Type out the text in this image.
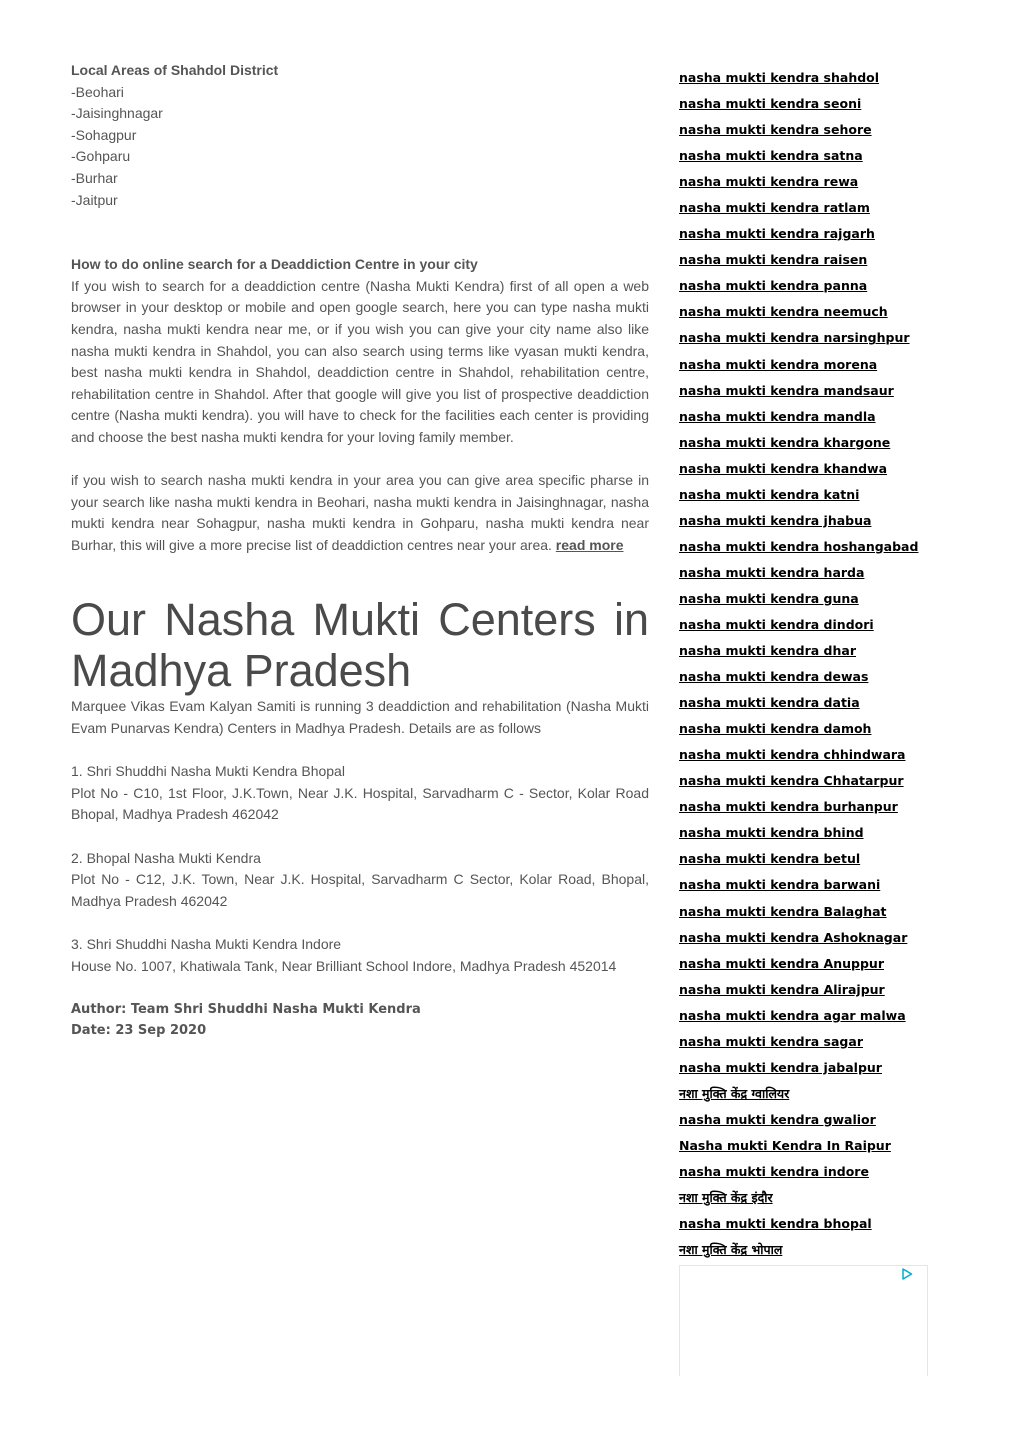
Local Areas of Shahdol District

-Beohari
-Jaisinghnagar
-Sohagpur
-Gohparu
-Burhar
-Jaitpur

How to do online search for a Deaddiction Centre in your city

If you wish to search for a deaddiction centre (Nasha Mukti Kendra) first of all open a web browser in your desktop or mobile and open google search, here you can type nasha mukti kendra, nasha mukti kendra near me, or if you wish you can give your city name also like nasha mukti kendra in Shahdol, you can also search using terms like vyasan mukti kendra, best nasha mukti kendra in Shahdol, deaddiction centre in Shahdol, rehabilitation centre, rehabilitation centre in Shahdol. After that google will give you list of prospective deaddiction centre (Nasha mukti kendra). you will have to check for the facilities each center is providing and choose the best nasha mukti kendra for your loving family member.

if you wish to search nasha mukti kendra in your area you can give area specific pharse in your search like nasha mukti kendra in Beohari, nasha mukti kendra in Jaisinghnagar, nasha mukti kendra near Sohagpur, nasha mukti kendra in Gohparu, nasha mukti kendra near Burhar, this will give a more precise list of deaddiction centres near your area. read more

Our Nasha Mukti Centers in Madhya Pradesh

Marquee Vikas Evam Kalyan Samiti is running 3 deaddiction and rehabilitation (Nasha Mukti Evam Punarvas Kendra) Centers in Madhya Pradesh. Details are as follows

1. Shri Shuddhi Nasha Mukti Kendra Bhopal

Plot No - C10, 1st Floor, J.K.Town, Near J.K. Hospital, Sarvadharm C - Sector, Kolar Road Bhopal, Madhya Pradesh 462042

2. Bhopal Nasha Mukti Kendra

Plot No - C12, J.K. Town, Near J.K. Hospital, Sarvadharm C Sector, Kolar Road, Bhopal, Madhya Pradesh 462042

3. Shri Shuddhi Nasha Mukti Kendra Indore

House No. 1007, Khatiwala Tank, Near Brilliant School Indore, Madhya Pradesh 452014

Author: Team Shri Shuddhi Nasha Mukti Kendra
Date: 23 Sep 2020
nasha mukti kendra shahdol
nasha mukti kendra seoni
nasha mukti kendra sehore
nasha mukti kendra satna
nasha mukti kendra rewa
nasha mukti kendra ratlam
nasha mukti kendra rajgarh
nasha mukti kendra raisen
nasha mukti kendra panna
nasha mukti kendra neemuch
nasha mukti kendra narsinghpur
nasha mukti kendra morena
nasha mukti kendra mandsaur
nasha mukti kendra mandla
nasha mukti kendra khargone
nasha mukti kendra khandwa
nasha mukti kendra katni
nasha mukti kendra jhabua
nasha mukti kendra hoshangabad
nasha mukti kendra harda
nasha mukti kendra guna
nasha mukti kendra dindori
nasha mukti kendra dhar
nasha mukti kendra dewas
nasha mukti kendra datia
nasha mukti kendra damoh
nasha mukti kendra chhindwara
nasha mukti kendra Chhatarpur
nasha mukti kendra burhanpur
nasha mukti kendra bhind
nasha mukti kendra betul
nasha mukti kendra barwani
nasha mukti kendra Balaghat
nasha mukti kendra Ashoknagar
nasha mukti kendra Anuppur
nasha mukti kendra Alirajpur
nasha mukti kendra agar malwa
nasha mukti kendra sagar
nasha mukti kendra jabalpur
नशा मुक्ति केंद्र ग्वालियर
nasha mukti kendra gwalior
Nasha mukti Kendra In Raipur
nasha mukti kendra indore
नशा मुक्ति केंद्र इंदौर
nasha mukti kendra bhopal
नशा मुक्ति केंद्र भोपाल
